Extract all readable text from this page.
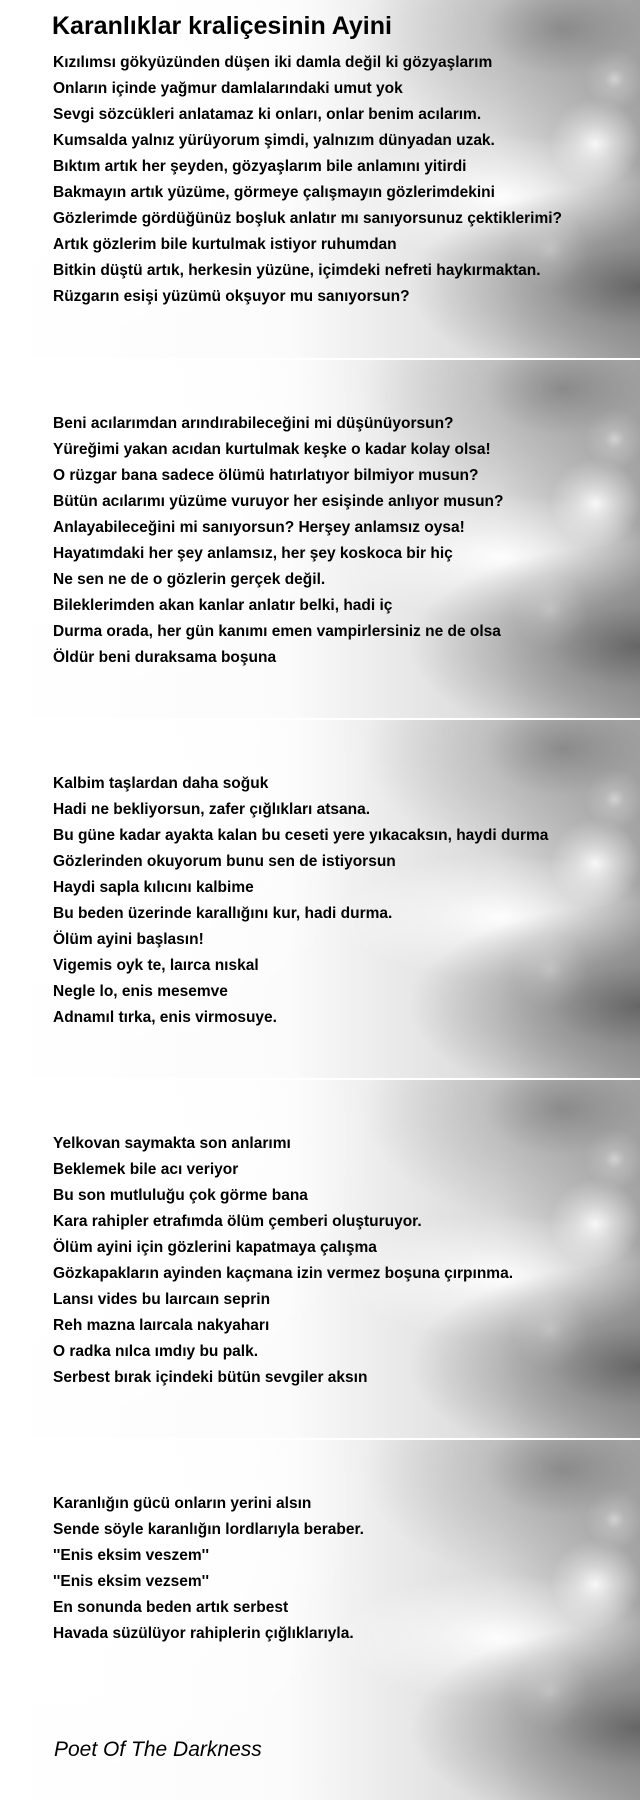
Karanlıklar kraliçesinin Ayini
Kızılımsı gökyüzünden düşen iki damla değil ki gözyaşlarım
Onların içinde yağmur damlalarındaki umut yok
Sevgi sözcükleri anlatamaz ki onları, onlar benim acılarım.
Kumsalda yalnız yürüyorum şimdi, yalnızım dünyadan uzak.
Bıktım artık her şeyden, gözyaşlarım bile anlamını yitirdi
Bakmayın artık yüzüme, görmeye çalışmayın gözlerimdekini
Gözlerimde gördüğünüz boşluk anlatır mı sanıyorsunuz çektiklerimi?
Artık gözlerim bile kurtulmak istiyor ruhumdan
Bitkin düştü artık, herkesin yüzüne, içimdeki nefreti haykırmaktan.
Rüzgarın esişi yüzümü okşuyor mu sanıyorsun?
Beni acılarımdan arındırabileceğini mi düşünüyorsun?
Yüreğimi yakan acıdan kurtulmak keşke o kadar kolay olsa!
O rüzgar bana sadece ölümü hatırlatıyor bilmiyor musun?
Bütün acılarımı yüzüme vuruyor her esişinde anlıyor musun?
Anlayabileceğini mi sanıyorsun? Herşey anlamsız oysa!
Hayatımdaki her şey anlamsız, her şey koskoca bir hiç
Ne sen ne de o gözlerin gerçek değil.
Bileklerimden akan kanlar anlatır belki, hadi iç
Durma orada, her gün kanımı emen vampirlersiniz ne de olsa
Öldür beni duraksama boşuna
Kalbim taşlardan daha soğuk
Hadi ne bekliyorsun, zafer çığlıkları atsana.
Bu güne kadar ayakta kalan bu ceseti yere yıkacaksın, haydi durma
Gözlerinden okuyorum bunu sen de istiyorsun
Haydi sapla kılıcını kalbime
Bu beden üzerinde karallığını kur, hadi durma.
Ölüm ayini başlasın!
Vigemis oyk te, laırca nıskal
Negle lo, enis mesemve
Adnamıl tırka, enis virmosuye.
Yelkovan saymakta son anlarımı
Beklemek bile acı veriyor
Bu son mutluluğu çok görme bana
Kara rahipler etrafımda ölüm çemberi oluşturuyor.
Ölüm ayini için gözlerini kapatmaya çalışma
Gözkapakların ayinden kaçmana izin vermez boşuna çırpınma.
Lansı vides bu laırcaın seprin
Reh mazna laırcala nakyaharı
O radka nılca ımdıy bu palk.
Serbest bırak içindeki bütün sevgiler aksın
Karanlığın gücü onların yerini alsın
Sende söyle karanlığın lordlarıyla beraber.
''Enis eksim veszem''
''Enis eksim vezsem''
En sonunda beden artık serbest
Havada süzülüyor rahiplerin çığlıklarıyla.

Poet Of The Darkness
